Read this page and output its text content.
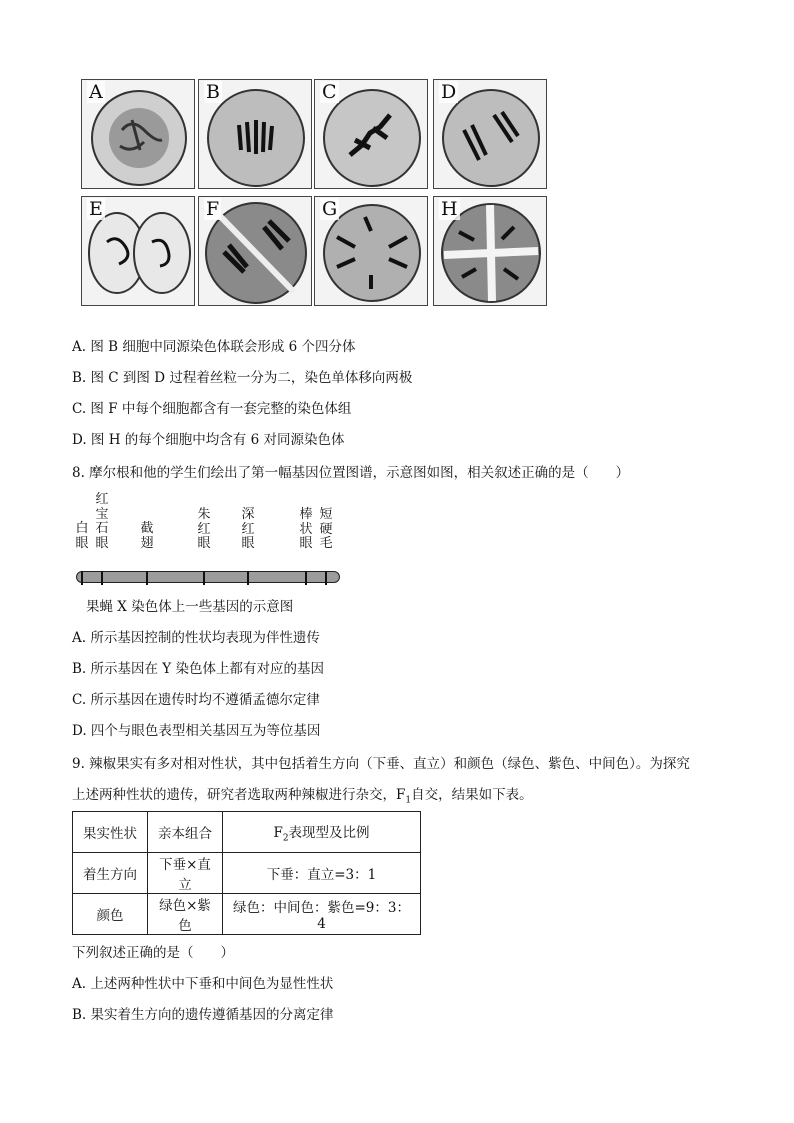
A	B	C	D
E	F	G	H
A. 图 B 细胞中同源染色体联会形成 6 个四分体
B. 图 C 到图 D 过程着丝粒一分为二，染色单体移向两极
C. 图 F 中每个细胞都含有一套完整的染色体组
D. 图 H 的每个细胞中均含有 6 对同源染色体
8. 摩尔根和他的学生们绘出了第一幅基因位置图谱，示意图如图，相关叙述正确的是（　　）
白
眼
红
宝
石
眼
截
翅
朱
红
眼
深
红
眼
棒
状
眼
短
硬
毛
果蝇 X 染色体上一些基因的示意图
A. 所示基因控制的性状均表现为伴性遗传
B. 所示基因在 Y 染色体上都有对应的基因
C. 所示基因在遗传时均不遵循孟德尔定律
D. 四个与眼色表型相关基因互为等位基因
9. 辣椒果实有多对相对性状，其中包括着生方向（下垂、直立）和颜色（绿色、紫色、中间色）。为探究
上述两种性状的遗传，研究者选取两种辣椒进行杂交，$F_1$自交，结果如下表。
果实性状	亲本组合	$F_2$表现型及比例
着生方向	下垂×直立	下垂：直立=3：1
颜色	绿色×紫色	绿色：中间色：紫色=9：3：4
下列叙述正确的是（　　）
A. 上述两种性状中下垂和中间色为显性性状
B. 果实着生方向的遗传遵循基因的分离定律
